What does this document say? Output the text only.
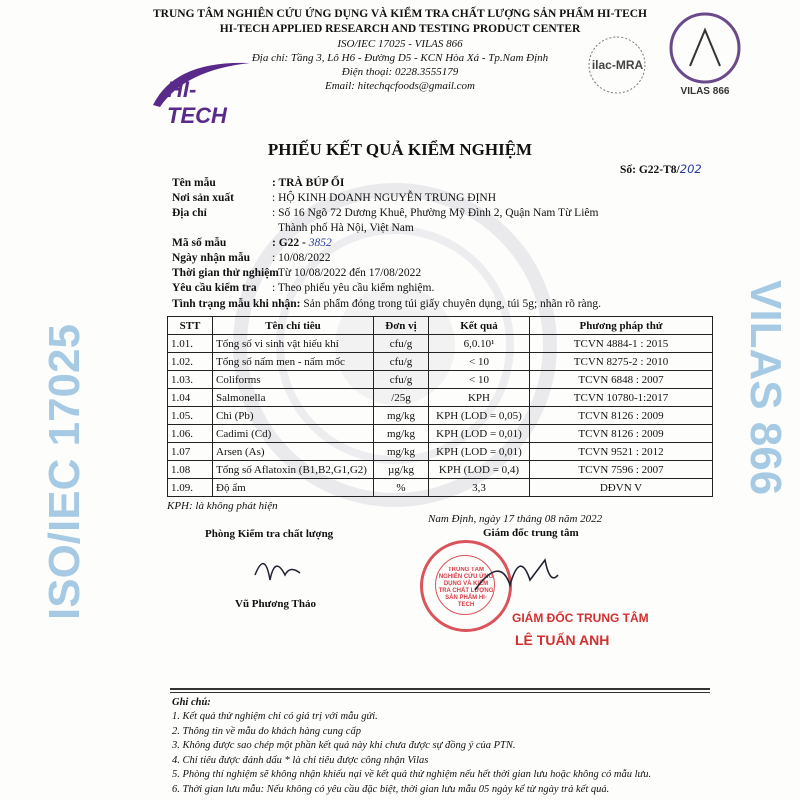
TRUNG TÂM NGHIÊN CỨU ỨNG DỤNG VÀ KIỂM TRA CHẤT LƯỢNG SẢN PHẨM HI-TECH
HI-TECH APPLIED RESEARCH AND TESTING PRODUCT CENTER
ISO/IEC 17025 - VILAS 866
Địa chỉ: Tầng 3, Lô H6 - Đường D5 - KCN Hòa Xá - Tp.Nam Định
Điện thoại: 0228.3555179
Email: hitechqcfoods@gmail.com
HI-TECH
ilac-MRA
VILAS 866
PHIẾU KẾT QUẢ KIỂM NGHIỆM
Số: G22-T8/202
Tên mẫu	: TRÀ BÚP ỔI
Nơi sản xuất	: HỘ KINH DOANH NGUYỄN TRUNG ĐỊNH
Địa chỉ	: Số 16 Ngõ 72 Dương Khuê, Phường Mỹ Đình 2, Quận Nam Từ Liêm
Thành phố Hà Nội, Việt Nam
Mã số mẫu	: G22 - 3852
Ngày nhận mẫu : 10/08/2022
Thời gian thử nghiệm
: Từ 10/08/2022 đến 17/08/2022
Yêu cầu kiểm tra : Theo phiếu yêu cầu kiểm nghiệm.
Tình trạng mẫu khi nhận: Sản phẩm đóng trong túi giấy chuyên dụng, túi 5g; nhãn rõ ràng.
STT	Tên chỉ tiêu	Đơn vị	Kết quả	Phương pháp thử
1.01.	Tổng số vi sinh vật hiếu khí	cfu/g	6,0.10¹	TCVN 4884-1 : 2015
1.02.	Tổng số nấm men - nấm mốc	cfu/g	< 10	TCVN 8275-2 : 2010
1.03.	Coliforms	cfu/g	< 10	TCVN 6848 : 2007
1.04	Salmonella	/25g	KPH	TCVN 10780-1:2017
1.05.	Chì (Pb)	mg/kg	KPH (LOD = 0,05)	TCVN 8126 : 2009
1.06.	Cadimi (Cd)	mg/kg	KPH (LOD = 0,01)	TCVN 8126 : 2009
1.07	Arsen (As)	mg/kg	KPH (LOD = 0,01)	TCVN 9521 : 2012
1.08	Tổng số Aflatoxin (B1,B2,G1,G2)	µg/kg	KPH (LOD = 0,4)	TCVN 7596 : 2007
1.09.	Độ ẩm	%	3,3	DĐVN V
KPH: là không phát hiện
Nam Định, ngày 17 tháng 08 năm 2022
Giám đốc trung tâm
Phòng Kiểm tra chất lượng
Vũ Phương Thảo
TRUNG TÂM NGHIÊN CỨU ỨNG DỤNG VÀ KIỂM TRA CHẤT LƯỢNG SẢN PHẨM HI-TECH
GIÁM ĐỐC TRUNG TÂM
LÊ TUẤN ANH
ISO/IEC 17025	VILAS 866
Ghi chú:
1. Kết quả thử nghiệm chỉ có giá trị với mẫu gửi.
2. Thông tin về mẫu do khách hàng cung cấp
3. Không được sao chép một phần kết quả này khi chưa được sự đồng ý của PTN.
4. Chỉ tiêu được đánh dấu * là chỉ tiêu được công nhận Vilas
5. Phòng thí nghiệm sẽ không nhận khiếu nại về kết quả thử nghiệm nếu hết thời gian lưu hoặc không có mẫu lưu.
6. Thời gian lưu mẫu: Nếu không có yêu cầu đặc biệt, thời gian lưu mẫu 05 ngày kể từ ngày trả kết quả.
